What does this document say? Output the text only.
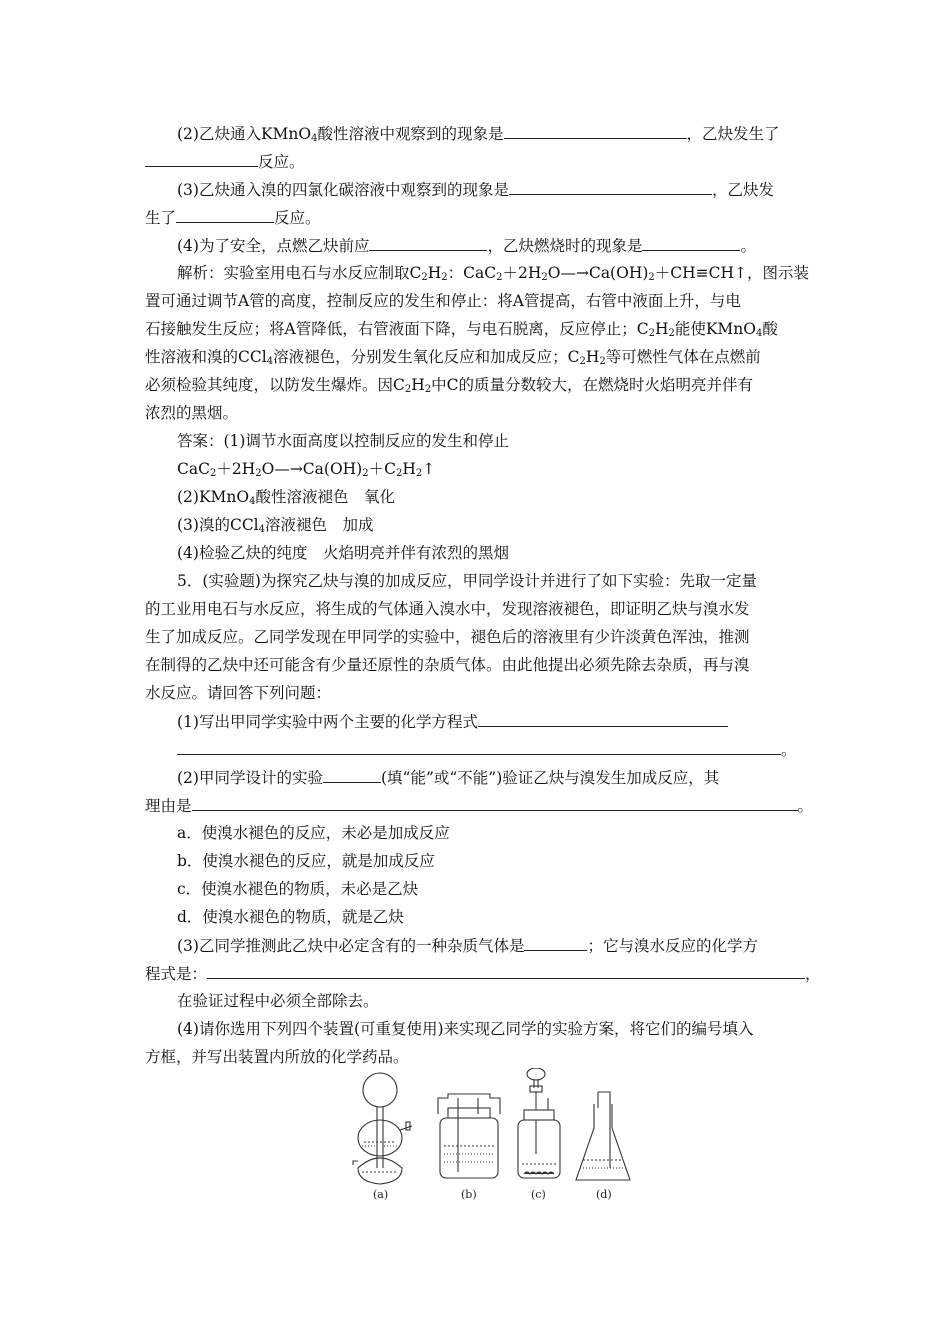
(2)乙炔通入KMnO$_4$酸性溶液中观察到的现象是	，乙炔发生了
反应。
(3)乙炔通入溴的四氯化碳溶液中观察到的现象是	，乙炔发
生了	反应。
(4)为了安全，点燃乙炔前应	，乙炔燃烧时的现象是	。
解析：实验室用电石与水反应制取$C_2H_2$：$CaC_2+2H_2O—\to Ca(OH)_2+CH\equiv CH↑$，图示装
置可通过调节A管的高度，控制反应的发生和停止：将A管提高，右管中液面上升，与电
石接触发生反应；将A管降低，右管液面下降，与电石脱离，反应停止；$C_2H_2$能使KMnO$_4$酸
性溶液和溴的CCl$_4$溶液褪色，分别发生氧化反应和加成反应；$C_2H_2$等可燃性气体在点燃前
必须检验其纯度，以防发生爆炸。因$C_2H_2$中C的质量分数较大，在燃烧时火焰明亮并伴有
浓烈的黑烟。
答案：(1)调节水面高度以控制反应的发生和停止
$CaC_2+2H_2O—\to Ca(OH)_2+C_2H_2↑$
(2)KMnO$_4$酸性溶液褪色　氧化
(3)溴的CCl$_4$溶液褪色　加成
(4)检验乙炔的纯度　火焰明亮并伴有浓烈的黑烟
5．(实验题)为探究乙炔与溴的加成反应，甲同学设计并进行了如下实验：先取一定量
的工业用电石与水反应，将生成的气体通入溴水中，发现溶液褪色，即证明乙炔与溴水发
生了加成反应。乙同学发现在甲同学的实验中，褪色后的溶液里有少许淡黄色浑浊，推测
在制得的乙炔中还可能含有少量还原性的杂质气体。由此他提出必须先除去杂质，再与溴
水反应。请回答下列问题：
(1)写出甲同学实验中两个主要的化学方程式
。
(2)甲同学设计的实验	(填“能”或“不能”)验证乙炔与溴发生加成反应，其
理由是	。
a．使溴水褪色的反应，未必是加成反应
b．使溴水褪色的反应，就是加成反应
c．使溴水褪色的物质，未必是乙炔
d．使溴水褪色的物质，就是乙炔
(3)乙同学推测此乙炔中必定含有的一种杂质气体是	；它与溴水反应的化学方
程式是：	，
在验证过程中必须全部除去。
(4)请你选用下列四个装置(可重复使用)来实现乙同学的实验方案，将它们的编号填入
方框，并写出装置内所放的化学药品。
(a)	(b)	(c)	(d)
